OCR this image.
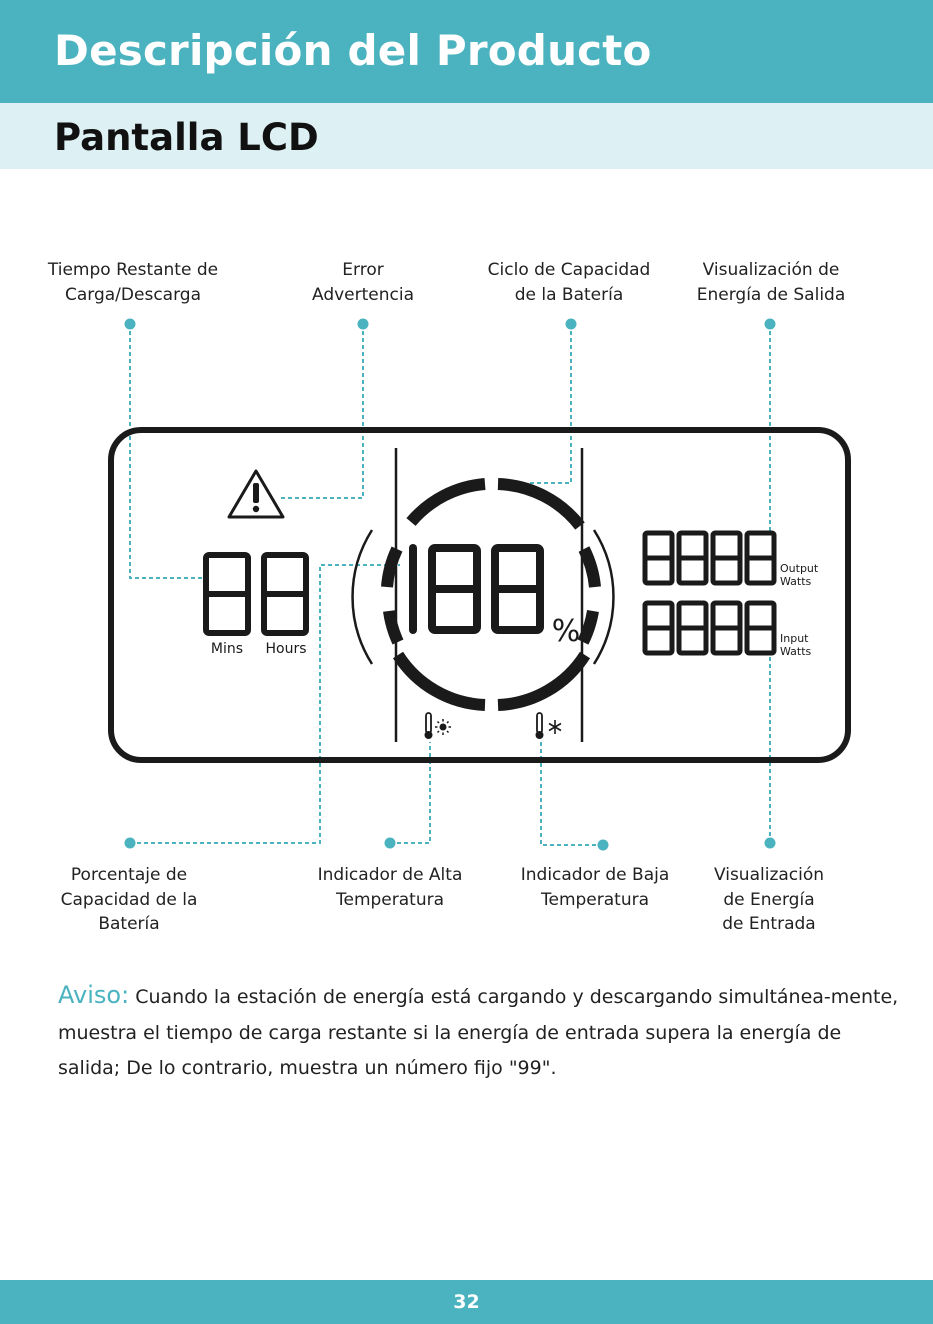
Descripción del Producto
Pantalla LCD
Tiempo Restante de
Carga/Descarga
Error
Advertencia
Ciclo de Capacidad
de la Batería
Visualización de
Energía de Salida
Porcentaje de
Capacidad de la
Batería
Indicador de Alta
Temperatura
Indicador de Baja
Temperatura
Visualización
de Energía
de Entrada
%
Mins Hours
Output
Watts
Input
Watts
Aviso: Cuando la estación de energía está cargando y descargando simultánea-mente, muestra el tiempo de carga restante si la energía de entrada supera la energía de salida; De lo contrario, muestra un número fijo "99".
32
